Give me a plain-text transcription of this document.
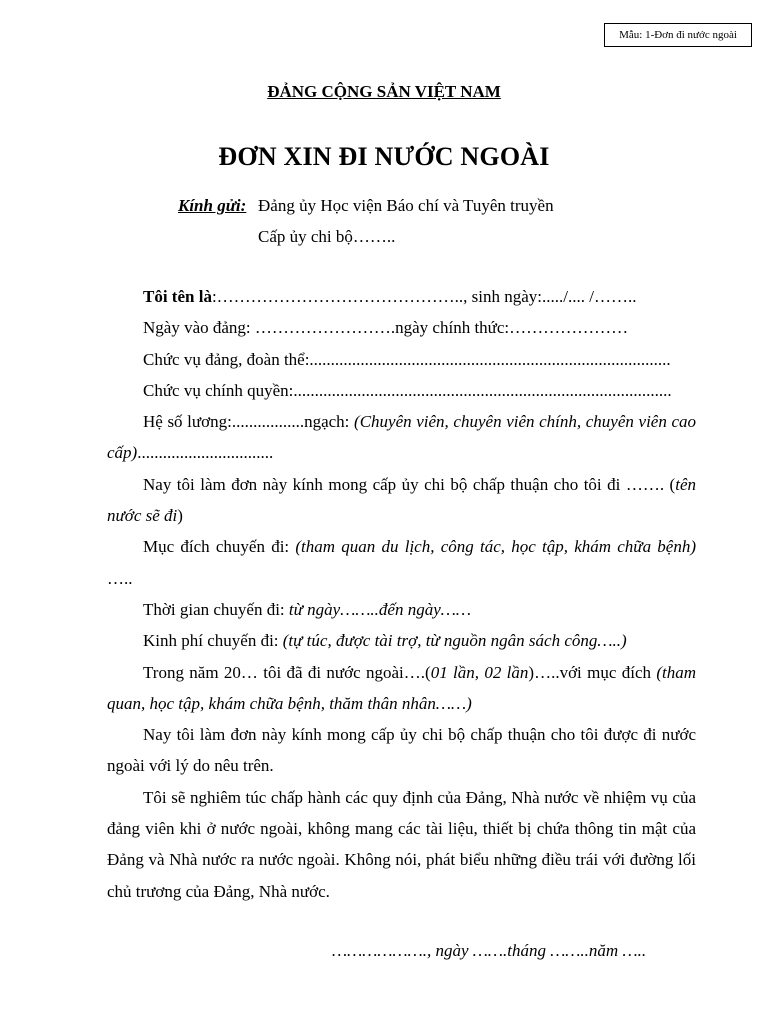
Mẫu: 1-Đơn đi nước ngoài
ĐẢNG CỘNG SẢN VIỆT NAM
ĐƠN XIN ĐI NƯỚC NGOÀI
Kính gửi: Đảng ủy Học viện Báo chí và Tuyên truyền
Cấp ủy chi bộ……..

Tôi tên là:…………………………………….., sinh ngày:...../.... /……..

Ngày vào đảng: …………………….ngày chính thức:…………………

Chức vụ đảng, đoàn thể:.....................................................................................

Chức vụ chính quyền:.........................................................................................

Hệ số lương:.................ngạch: (Chuyên viên, chuyên viên chính, chuyên viên cao cấp)................................

Nay tôi làm đơn này kính mong cấp ủy chi bộ chấp thuận cho tôi đi ……. (tên nước sẽ đi)

Mục đích chuyến đi: (tham quan du lịch, công tác, học tập, khám chữa bệnh) …..

Thời gian chuyến đi: từ ngày……..đến ngày……

Kinh phí chuyến đi: (tự túc, được tài trợ, từ nguồn ngân sách công…..)

Trong năm 20… tôi đã đi nước ngoài….(01 lần, 02 lần)…..với mục đích (tham quan, học tập, khám chữa bệnh, thăm thân nhân……)

Nay tôi làm đơn này kính mong cấp ủy chi bộ chấp thuận cho tôi được đi nước ngoài với lý do nêu trên.

Tôi sẽ nghiêm túc chấp hành các quy định của Đảng, Nhà nước về nhiệm vụ của đảng viên khi ở nước ngoài, không mang các tài liệu, thiết bị chứa thông tin mật của Đảng và Nhà nước ra nước ngoài. Không nói, phát biểu những điều trái với đường lối chủ trương của Đảng, Nhà nước.

………………., ngày …….tháng ……..năm …..
